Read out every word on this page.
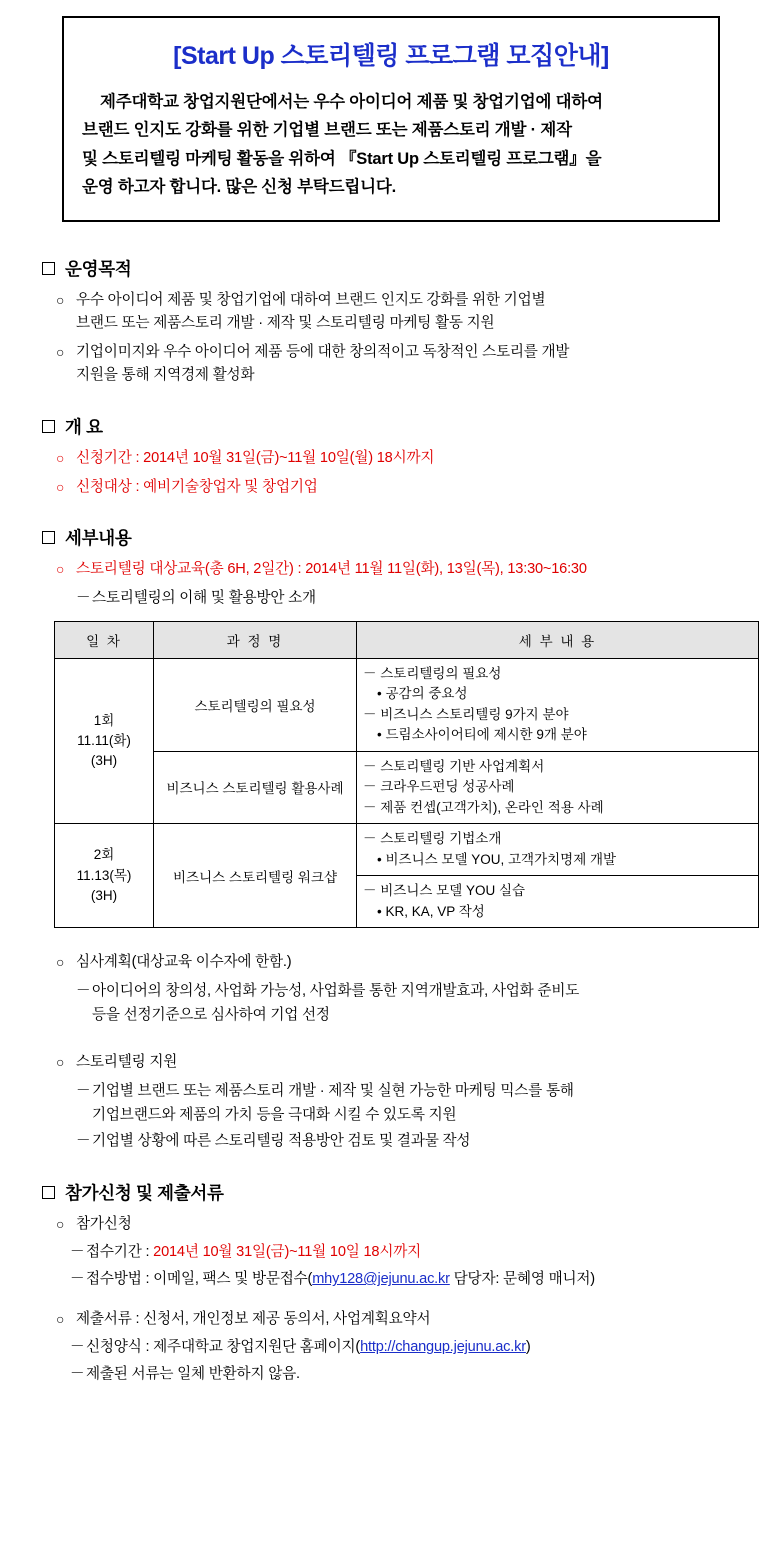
[Start Up 스토리텔링 프로그램 모집안내]
제주대학교 창업지원단에서는 우수 아이디어 제품 및 창업기업에 대하여
브랜드 인지도 강화를 위한 기업별 브랜드 또는 제품스토리 개발 · 제작
및 스토리텔링 마케팅 활동을 위하여 『Start Up 스토리텔링 프로그램』을
운영 하고자 합니다. 많은 신청 부탁드립니다.
운영목적
○ 우수 아이디어 제품 및 창업기업에 대하여 브랜드 인지도 강화를 위한 기업별
브랜드 또는 제품스토리 개발 · 제작 및 스토리텔링 마케팅 활동 지원
○ 기업이미지와 우수 아이디어 제품 등에 대한 창의적이고 독창적인 스토리를 개발
지원을 통해 지역경제 활성화
개 요
○ 신청기간 : 2014년 10월 31일(금)~11월 10일(월) 18시까지
○ 신청대상 : 예비기술창업자 및 창업기업
세부내용
○ 스토리텔링 대상교육(총 6H, 2일간) : 2014년 11월 11일(화), 13일(목), 13:30~16:30
－ 스토리텔링의 이해 및 활용방안 소개
일 차	과 정 명	세 부 내 용
1회
11.11(화)
(3H)	스토리텔링의 필요성	－ 스토리텔링의 필요성
• 공감의 중요성
－ 비즈니스 스토리텔링 9가지 분야
• 드림소사이어티에 제시한 9개 분야

	비즈니스 스토리텔링 활용사례	－ 스토리텔링 기반 사업계획서
－ 크라우드펀딩 성공사례
－ 제품 컨셉(고객가치), 온라인 적용 사례

2회
11.13(목)
(3H)	비즈니스 스토리텔링 워크샵	－ 스토리텔링 기법소개
• 비즈니스 모델 YOU, 고객가치명제 개발

		－ 비즈니스 모델 YOU 실습
• KR, KA, VP 작성
○ 심사계획(대상교육 이수자에 한함.)
－ 아이디어의 창의성, 사업화 가능성, 사업화를 통한 지역개발효과, 사업화 준비도
등을 선정기준으로 심사하여 기업 선정
○ 스토리텔링 지원
－ 기업별 브랜드 또는 제품스토리 개발 · 제작 및 실현 가능한 마케팅 믹스를 통해
기업브랜드와 제품의 가치 등을 극대화 시킬 수 있도록 지원
－ 기업별 상황에 따른 스토리텔링 적용방안 검토 및 결과물 작성
참가신청 및 제출서류
○ 참가신청
－ 접수기간 : 2014년 10월 31일(금)~11월 10일 18시까지
－ 접수방법 : 이메일, 팩스 및 방문접수(mhy128@jejunu.ac.kr 담당자: 문혜영 매니저)
○ 제출서류 : 신청서, 개인정보 제공 동의서, 사업계획요약서
－ 신청양식 : 제주대학교 창업지원단 홈페이지(http://changup.jejunu.ac.kr)
－ 제출된 서류는 일체 반환하지 않음.
